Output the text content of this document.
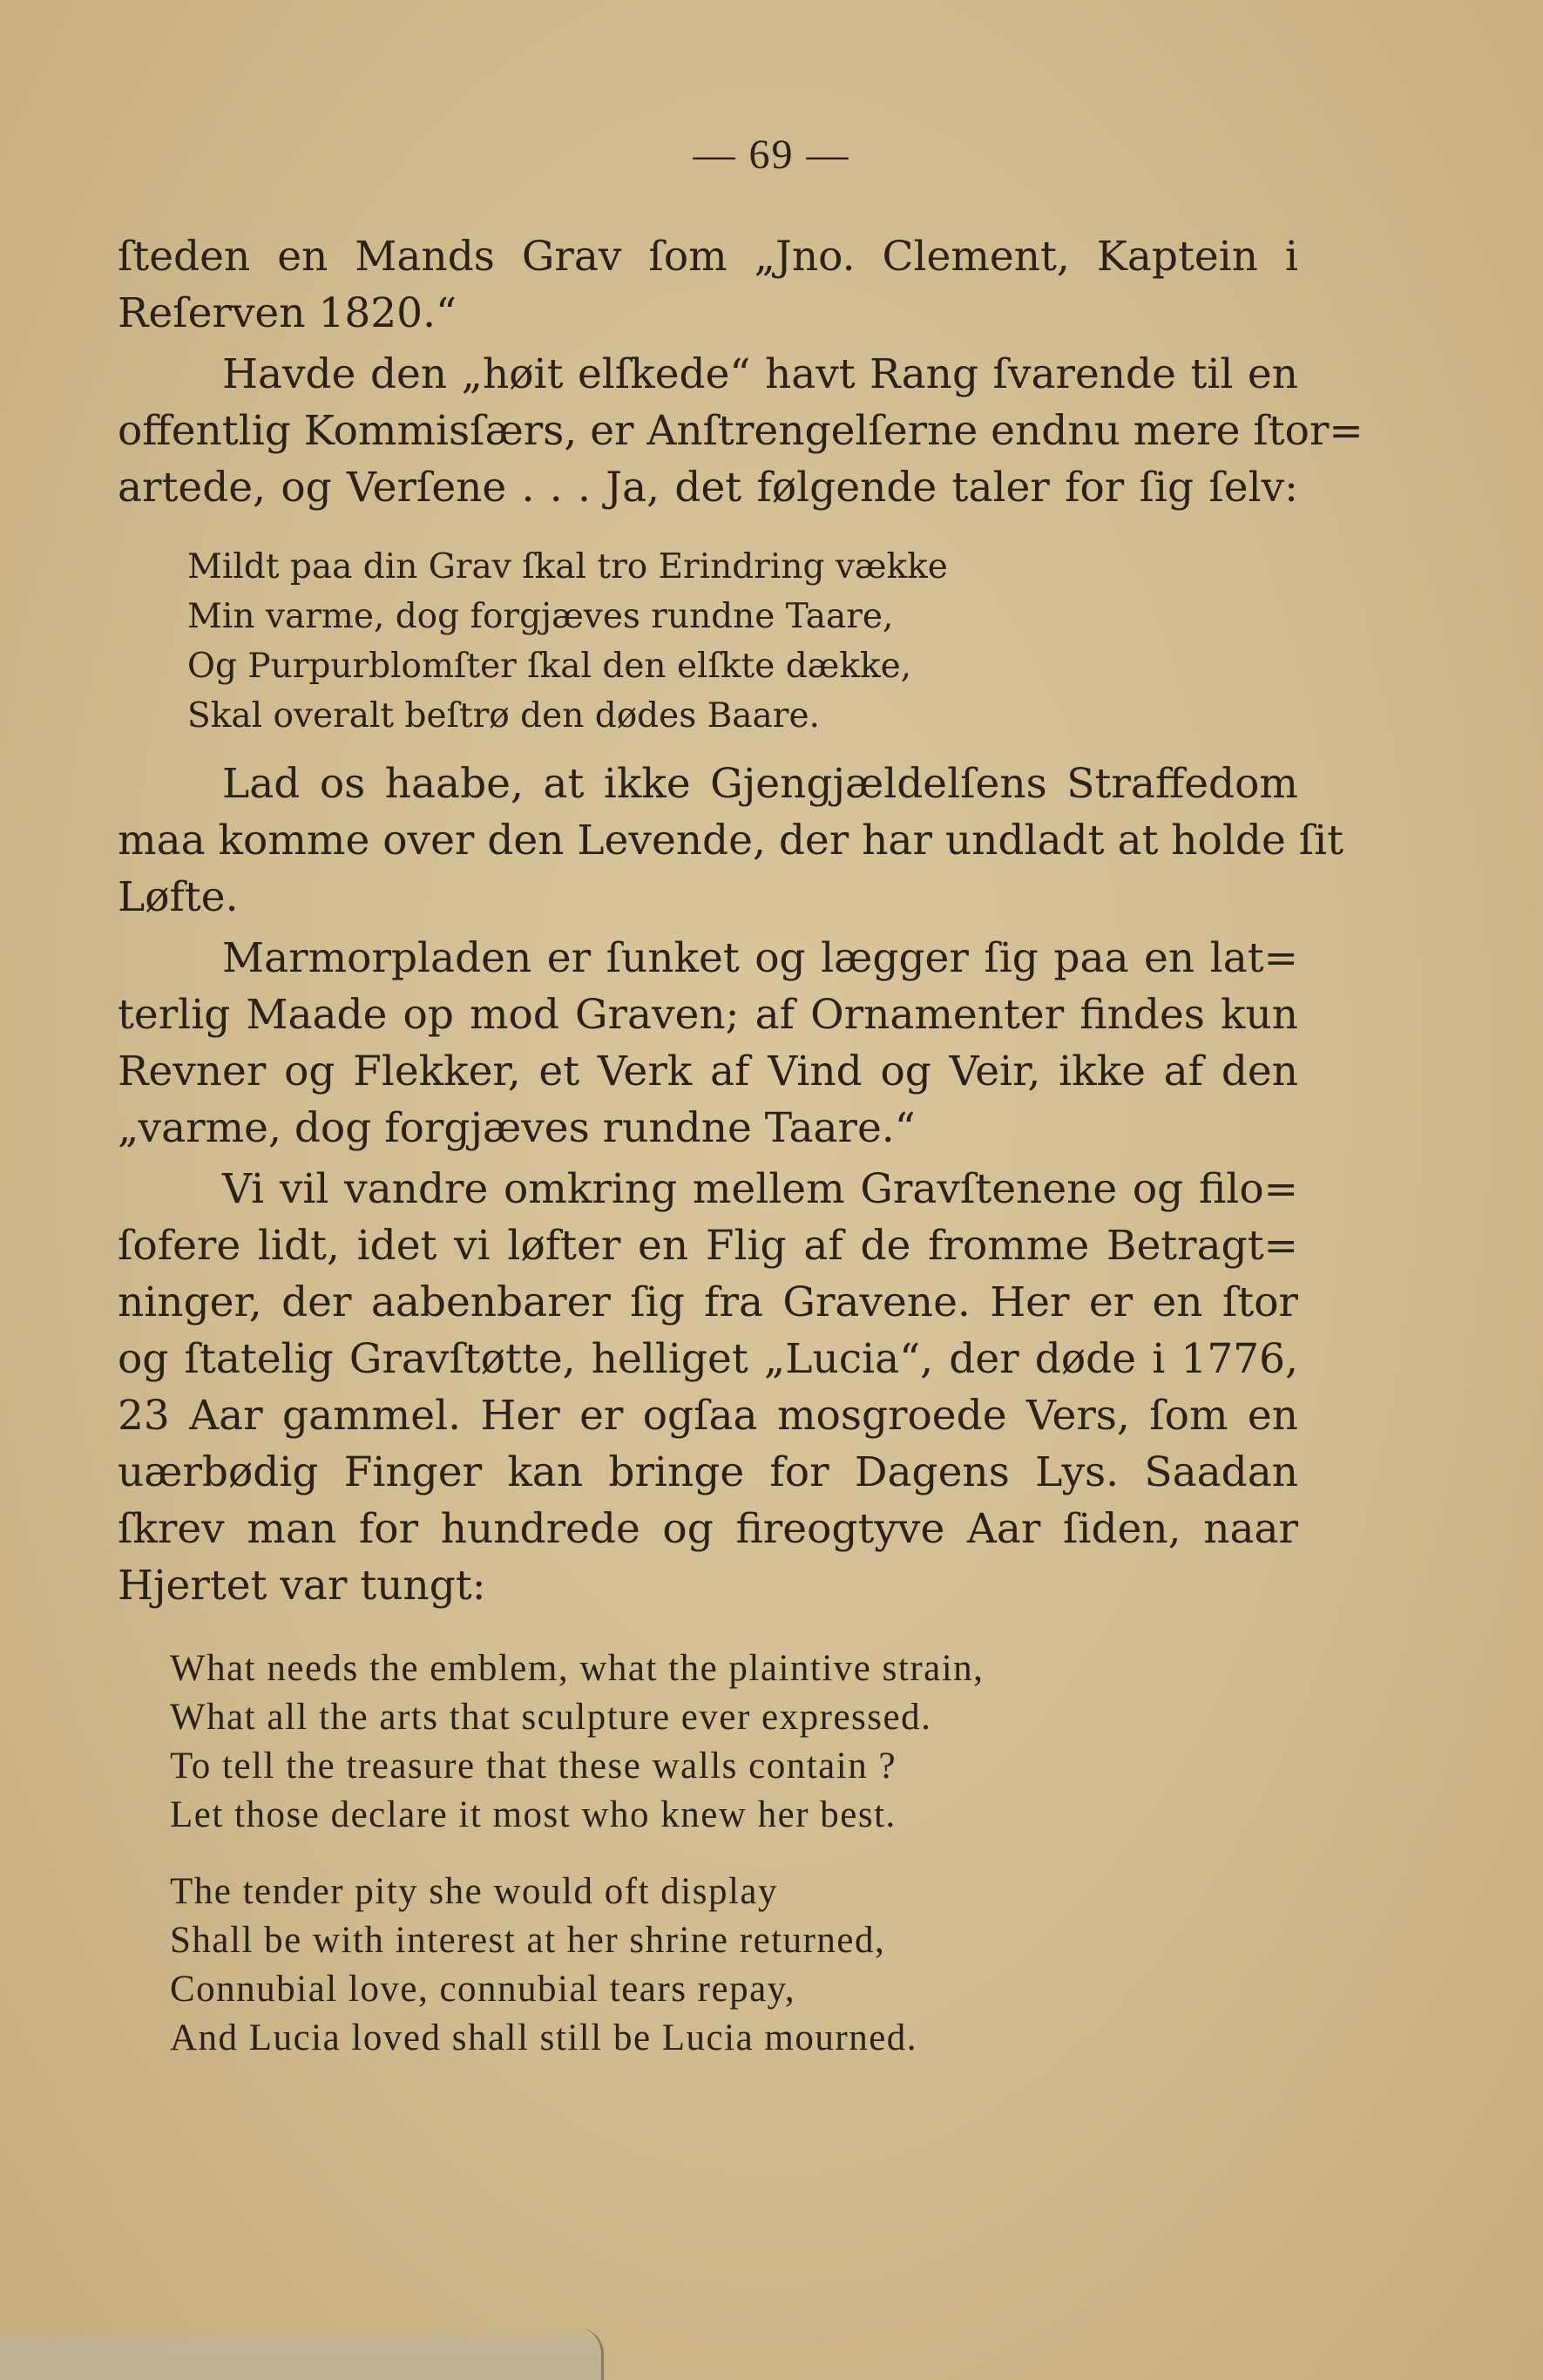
— 69 —
ſteden en Mands Grav ſom „Jno. Clement, Kaptein i
Reſerven 1820.“
Havde den „høit elſkede“ havt Rang ſvarende til en
offentlig Kommisſærs, er Anſtrengelſerne endnu mere ſtor=
artede, og Verſene . . . Ja, det følgende taler for ſig ſelv:
Mildt paa din Grav ſkal tro Erindring vække
Min varme, dog forgjæves rundne Taare,
Og Purpurblomſter ſkal den elſkte dække,
Skal overalt beſtrø den dødes Baare.
Lad os haabe, at ikke Gjengjældelſens Straffedom
maa komme over den Levende, der har undladt at holde ſit
Løfte.
Marmorpladen er ſunket og lægger ſig paa en lat=
terlig Maade op mod Graven; af Ornamenter findes kun
Revner og Flekker, et Verk af Vind og Veir, ikke af den
„varme, dog forgjæves rundne Taare.“
Vi vil vandre omkring mellem Gravſtenene og filo=
ſofere lidt, idet vi løfter en Flig af de fromme Betragt=
ninger, der aabenbarer ſig fra Gravene. Her er en ſtor
og ſtatelig Gravſtøtte, helliget „Lucia“, der døde i 1776,
23 Aar gammel. Her er ogſaa mosgroede Vers, ſom en
uærbødig Finger kan bringe for Dagens Lys. Saadan
ſkrev man for hundrede og fireogtyve Aar ſiden, naar
Hjertet var tungt:
What needs the emblem, what the plaintive strain,
What all the arts that sculpture ever expressed.
To tell the treasure that these walls contain ?
Let those declare it most who knew her best.
The tender pity she would oft display
Shall be with interest at her shrine returned,
Connubial love, connubial tears repay,
And Lucia loved shall still be Lucia mourned.
